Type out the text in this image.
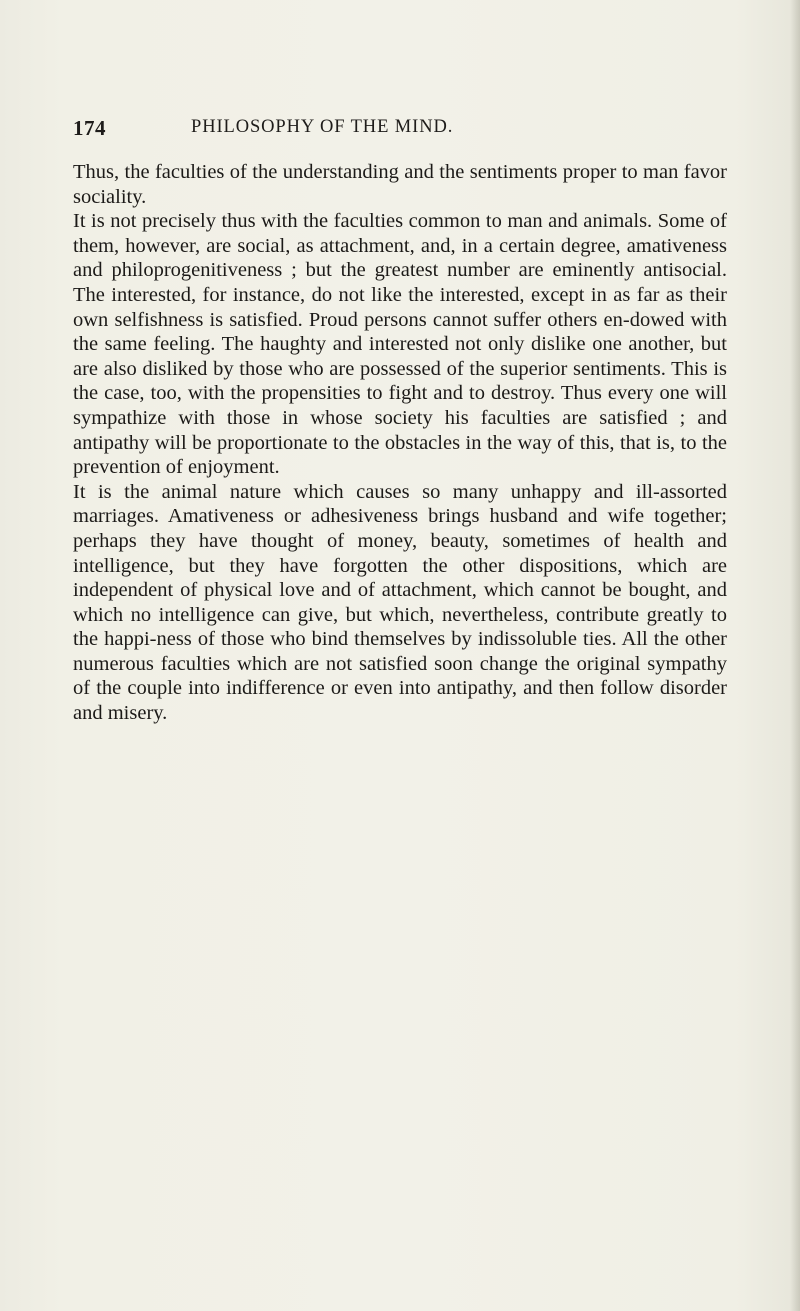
174	PHILOSOPHY OF THE MIND.

Thus, the faculties of the understanding and the sentiments proper to man favor sociality.

It is not precisely thus with the faculties common to man and animals. Some of them, however, are social, as attachment, and, in a certain degree, amativeness and philoprogenitiveness ; but the greatest number are eminently antisocial. The interested, for instance, do not like the interested, except in as far as their own selfishness is satisfied. Proud persons cannot suffer others en-dowed with the same feeling. The haughty and interested not only dislike one another, but are also disliked by those who are possessed of the superior sentiments. This is the case, too, with the propensities to fight and to destroy. Thus every one will sympathize with those in whose society his faculties are satisfied ; and antipathy will be proportionate to the obstacles in the way of this, that is, to the prevention of enjoyment.

It is the animal nature which causes so many unhappy and ill-assorted marriages. Amativeness or adhesiveness brings husband and wife together; perhaps they have thought of money, beauty, sometimes of health and intelligence, but they have forgotten the other dispositions, which are independent of physical love and of attachment, which cannot be bought, and which no intelligence can give, but which, nevertheless, contribute greatly to the happi-ness of those who bind themselves by indissoluble ties. All the other numerous faculties which are not satisfied soon change the original sympathy of the couple into indifference or even into antipathy, and then follow disorder and misery.
